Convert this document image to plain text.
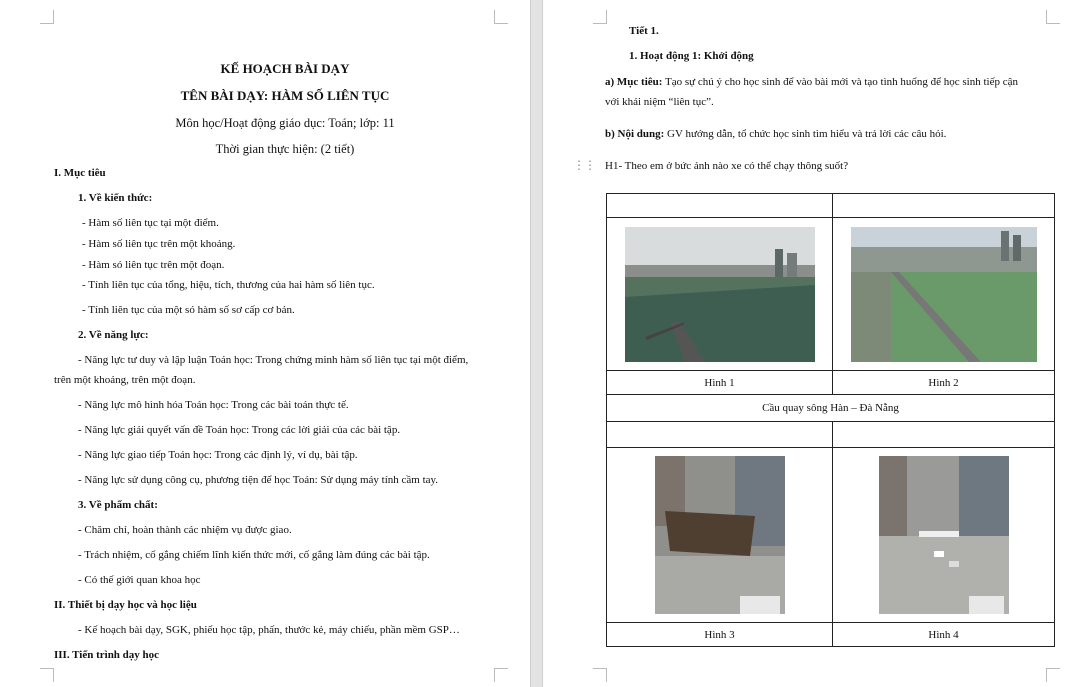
KẾ HOẠCH BÀI DẠY
TÊN BÀI DẠY: HÀM SỐ LIÊN TỤC
Môn học/Hoạt động giáo dục: Toán; lớp: 11
Thời gian thực hiện: (2 tiết)
I. Mục tiêu
1. Về kiến thức:
- Hàm số liên tục tại một điểm.
- Hàm số liên tục trên một khoảng.
- Hàm só liên tục trên một đoạn.
- Tính liên tục của tổng, hiệu, tích, thương của hai hàm số liên tục.
- Tính liên tục của một só hàm số sơ cấp cơ bản.
2. Về năng lực:
- Năng lực tư duy và lập luận Toán học: Trong chứng minh hàm số liên tục tại một điểm,
trên một khoảng, trên một đoạn.
- Năng lực mô hình hóa Toán học: Trong các bài toán thực tế.
- Năng lực giải quyết vấn đề Toán học: Trong các lời giải của các bài tập.
- Năng lực giao tiếp Toán học: Trong các định lý, ví dụ, bài tập.
- Năng lực sử dụng công cụ, phương tiện để học Toán: Sử dụng máy tính cầm tay.
3. Về phẩm chất:
- Chăm chỉ, hoàn thành các nhiệm vụ được giao.
- Trách nhiệm, cố gắng chiếm lĩnh kiến thức mới, cố gắng làm đúng các bài tập.
- Có thế giới quan khoa học
II. Thiết bị dạy học và học liệu
- Kế hoạch bài dạy, SGK, phiếu học tập, phấn, thước kẻ, máy chiếu, phần mềm GSP…
III. Tiến trình dạy học
Tiết 1.
1. Hoạt động 1: Khởi động
a) Mục tiêu: Tạo sự chú ý cho học sinh để vào bài mới và tạo tình huống để học sinh tiếp cận
với khái niệm “liên tục”.
b) Nội dung: GV hướng dẫn, tổ chức học sinh tìm hiểu và trả lời các câu hỏi.
⋮⋮ H1- Theo em ở bức ảnh nào xe có thể chạy thông suốt?

Hình 1	Hình 2
Cầu quay sông Hàn – Đà Nẵng	

Hình 3	Hình 4
